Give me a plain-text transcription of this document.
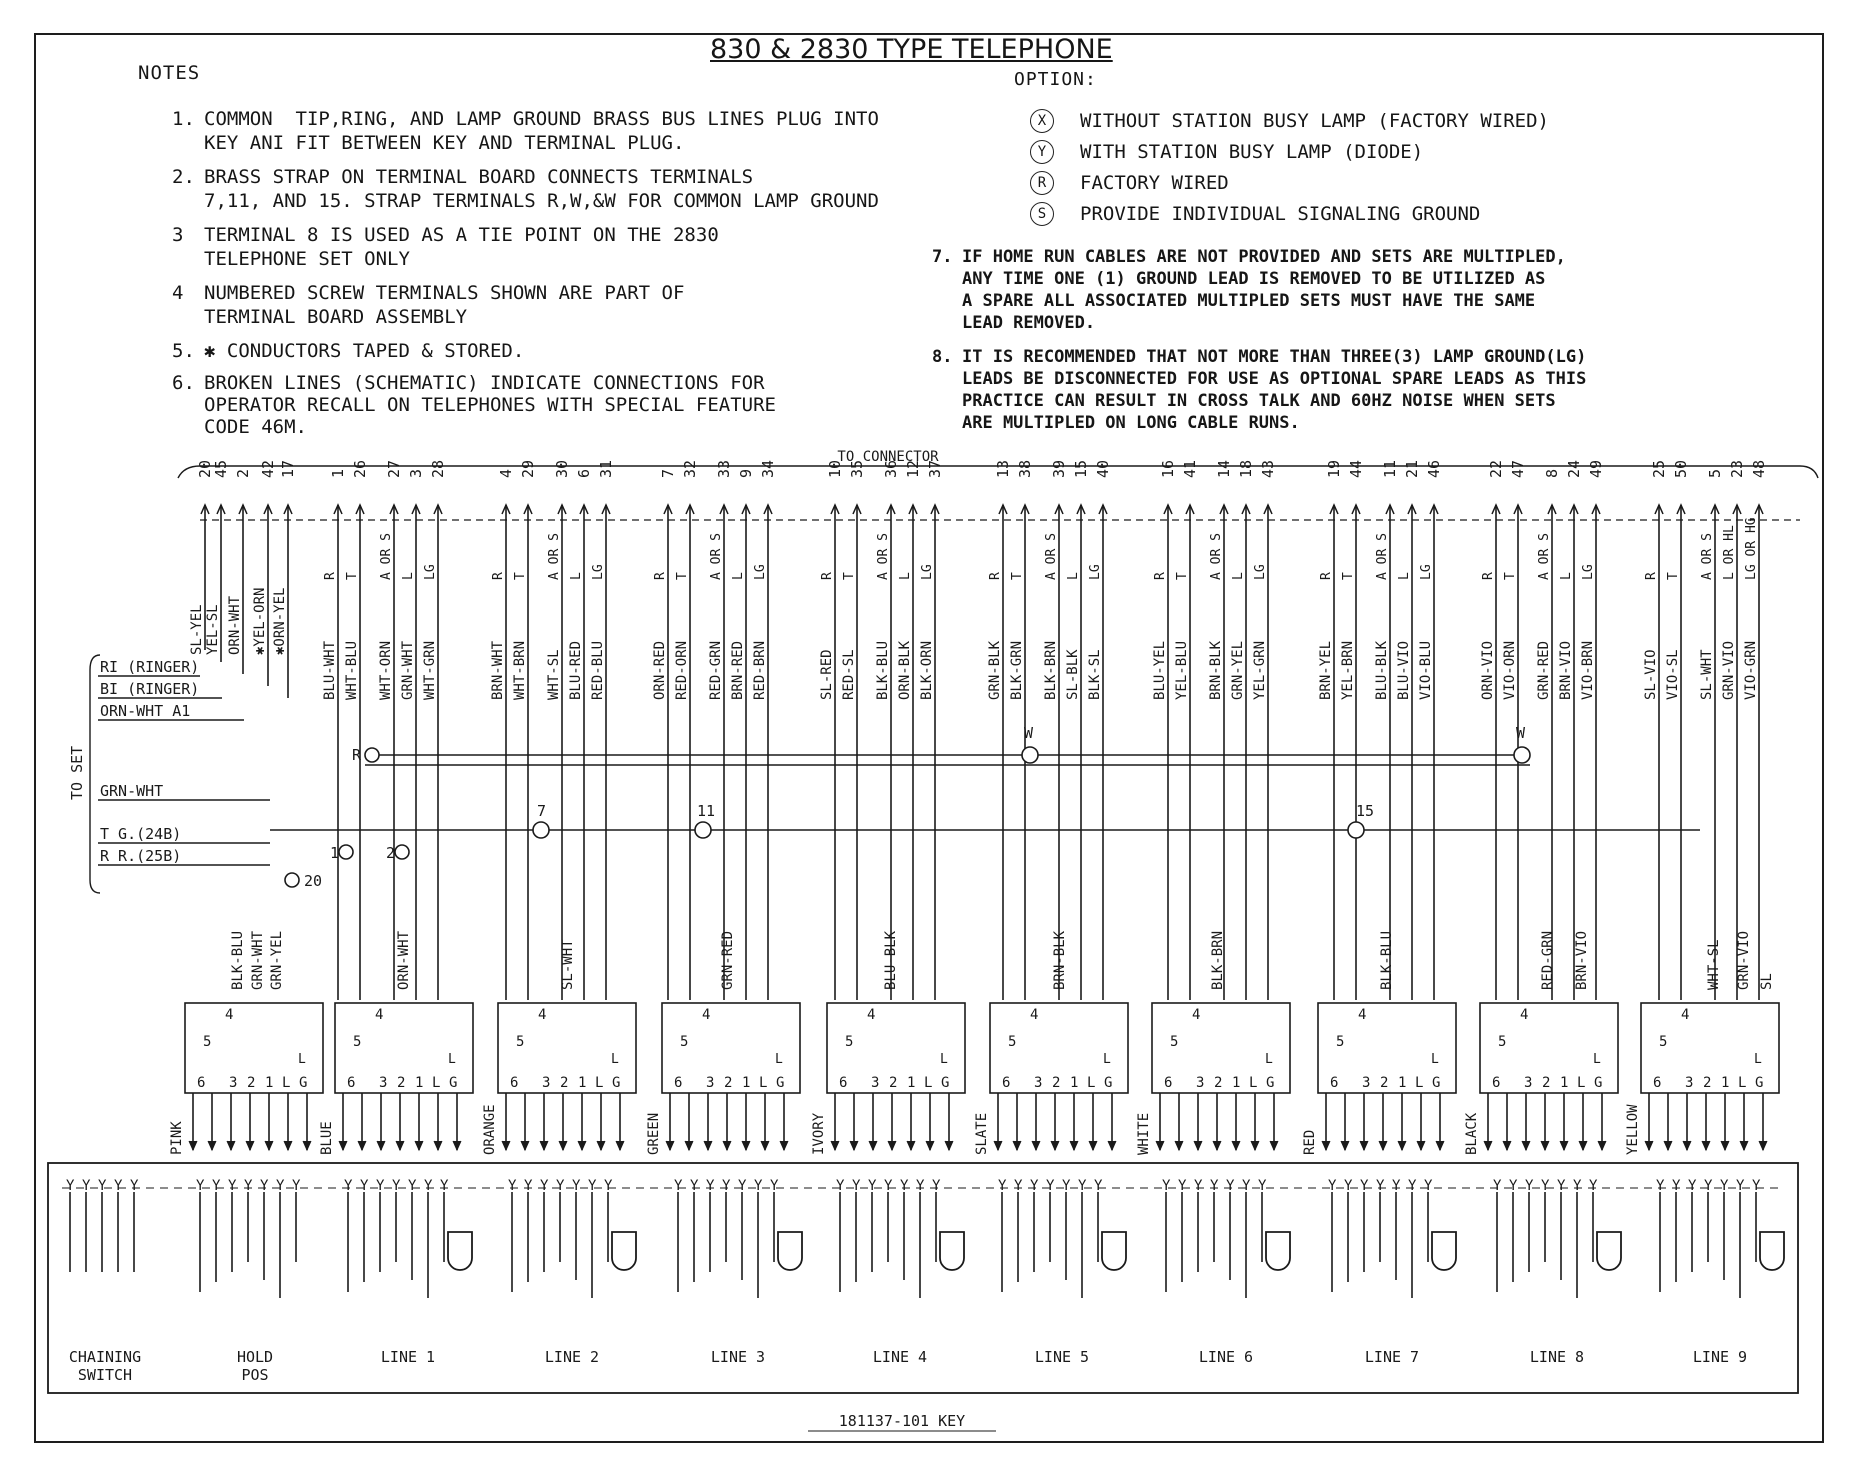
830 & 2830 TYPE TELEPHONE
NOTES	OPTION:
1. COMMON  TIP,RING, AND LAMP GROUND BRASS BUS LINES PLUG INTO
KEY ANI FIT BETWEEN KEY AND TERMINAL PLUG.
2. BRASS STRAP ON TERMINAL BOARD CONNECTS TERMINALS
7,11, AND 15. STRAP TERMINALS R,W,&W FOR COMMON LAMP GROUND
3 TERMINAL 8 IS USED AS A TIE POINT ON THE 2830
TELEPHONE SET ONLY
4 NUMBERED SCREW TERMINALS SHOWN ARE PART OF
TERMINAL BOARD ASSEMBLY
5. ✱ CONDUCTORS TAPED & STORED.
6. BROKEN LINES (SCHEMATIC) INDICATE CONNECTIONS FOR
OPERATOR RECALL ON TELEPHONES WITH SPECIAL FEATURE
CODE 46M.
X	WITHOUT STATION BUSY LAMP (FACTORY WIRED)
Y	WITH STATION BUSY LAMP (DIODE)
R	FACTORY WIRED
S	PROVIDE INDIVIDUAL SIGNALING GROUND
7. IF HOME RUN CABLES ARE NOT PROVIDED AND SETS ARE MULTIPLED,
ANY TIME ONE (1) GROUND LEAD IS REMOVED TO BE UTILIZED AS
A SPARE ALL ASSOCIATED MULTIPLED SETS MUST HAVE THE SAME
LEAD REMOVED.
8. IT IS RECOMMENDED THAT NOT MORE THAN THREE(3) LAMP GROUND(LG)
LEADS BE DISCONNECTED FOR USE AS OPTIONAL SPARE LEADS AS THIS
PRACTICE CAN RESULT IN CROSS TALK AND 60HZ NOISE WHEN SETS
ARE MULTIPLED ON LONG CABLE RUNS.
TO CONNECTOR
20
SL-YEL
45
YEL-SL
2
ORN-WHT
42
✱YEL-ORN
17
✱ORN-YEL
1
R
BLU-WHT
26
T
WHT-BLU
27
A OR S
WHT-ORN
3
L
GRN-WHT
28
LG
WHT-GRN
4
R
BRN-WHT
29
T
WHT-BRN
30
A OR S
WHT-SL
6
L
BLU-RED
31
LG
RED-BLU
7
R
ORN-RED
32
T
RED-ORN
33
A OR S
RED-GRN
9
L
BRN-RED
34
LG
RED-BRN
10
R
SL-RED
35
T
RED-SL
36
A OR S
BLK-BLU
12
L
ORN-BLK
37
LG
BLK-ORN
13
R
GRN-BLK
38
T
BLK-GRN
39
A OR S
BLK-BRN
15
L
SL-BLK
40
LG
BLK-SL
16
R
BLU-YEL
41
T
YEL-BLU
14
A OR S
BRN-BLK
18
L
GRN-YEL
43
LG
YEL-GRN
19
R
BRN-YEL
44
T
YEL-BRN
11
A OR S
BLU-BLK
21
L
BLU-VIO
46
LG
VIO-BLU
22
R
ORN-VIO
47
T
VIO-ORN
8
A OR S
GRN-RED
24
L
BRN-VIO
49
LG
VIO-BRN
25
R
SL-VIO
50
T
VIO-SL
5
A OR S
SL-WHT
23
L OR HL
GRN-VIO
48
LG OR HG
VIO-GRN
TO SET
RI (RINGER)
BI (RINGER)
ORN-WHT A1
GRN-WHT
T G.(24B)
R R.(25B)
R
W	W
7	11	15
1	2
20
BLK-BLU GRN-WHT GRN-YEL	ORN-WHT	SL-WHT	GRN-RED	BLU-BLK	BRN-BLK	BLK-BRN	BLK-BLU	RED-GRN BRN-VIO	WHT-SL GRN-VIO SL
4
5
6 3 2 1 L G
L
PINK
4
5
6 3 2 1 L G
L
BLUE
4
5
6 3 2 1 L G
L
ORANGE
4
5
6 3 2 1 L G
L
GREEN
4
5
6 3 2 1 L G
L
IVORY
4
5
6 3 2 1 L G
L
SLATE
4
5
6 3 2 1 L G
L
WHITE
4
5
6 3 2 1 L G
L
RED
4
5
6 3 2 1 L G
L
BLACK
4
5
6 3 2 1 L G
L
YELLOW
Y Y Y Y Y
CHAINING
SWITCH
Y Y Y Y Y Y Y
HOLD
POS
Y Y Y Y Y Y Y
LINE 1
Y Y Y Y Y Y Y
LINE 2
Y Y Y Y Y Y Y
LINE 3
Y Y Y Y Y Y Y
LINE 4
Y Y Y Y Y Y Y
LINE 5
Y Y Y Y Y Y Y
LINE 6
Y Y Y Y Y Y Y
LINE 7
Y Y Y Y Y Y Y
LINE 8
Y Y Y Y Y Y Y
LINE 9
181137-101 KEY
